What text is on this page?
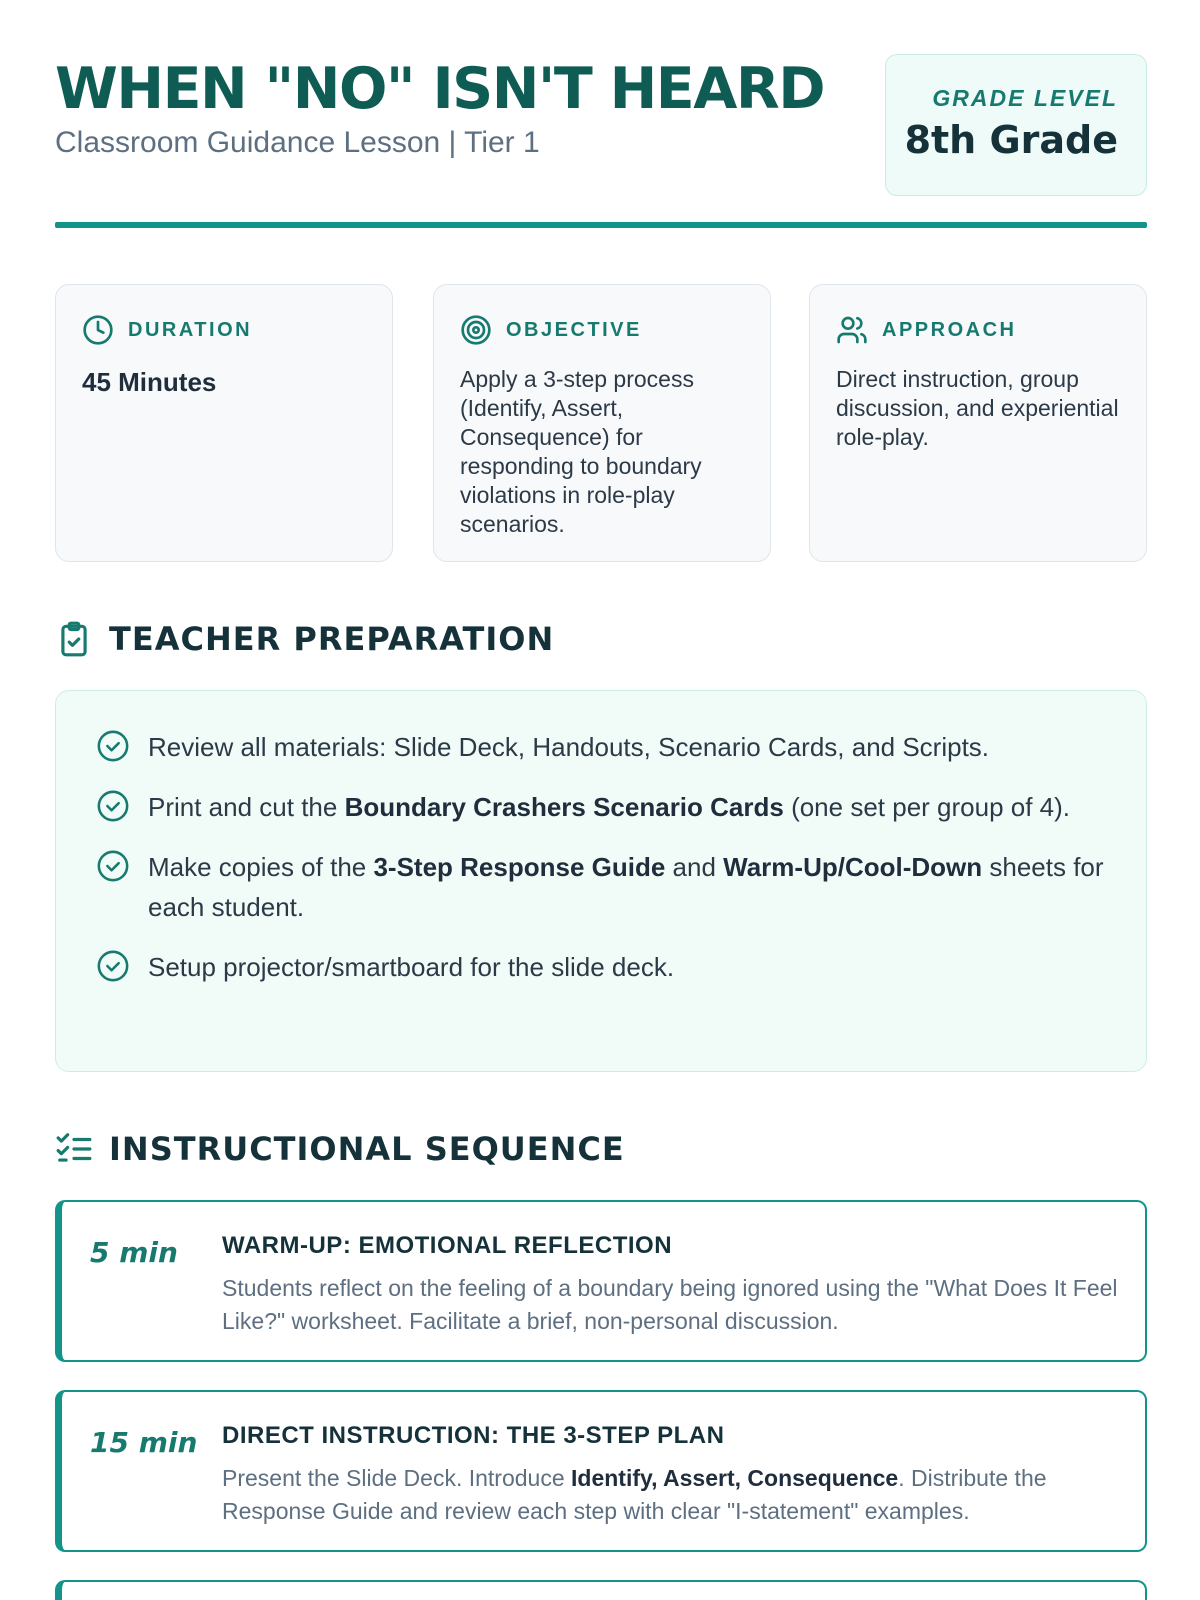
WHEN "NO" ISN'T HEARD
Classroom Guidance Lesson | Tier 1
GRADE LEVEL
8th Grade
DURATION
45 Minutes
OBJECTIVE
Apply a 3-step process (Identify, Assert, Consequence) for responding to boundary violations in role-play scenarios.
APPROACH
Direct instruction, group discussion, and experiential role-play.
TEACHER PREPARATION
Review all materials: Slide Deck, Handouts, Scenario Cards, and Scripts.
Print and cut the Boundary Crashers Scenario Cards (one set per group of 4).
Make copies of the 3-Step Response Guide and Warm-Up/Cool-Down sheets for each student.
Setup projector/smartboard for the slide deck.
INSTRUCTIONAL SEQUENCE
5 min WARM-UP: EMOTIONAL REFLECTION
Students reflect on the feeling of a boundary being ignored using the "What Does It Feel Like?" worksheet. Facilitate a brief, non-personal discussion.
15 min DIRECT INSTRUCTION: THE 3-STEP PLAN
Present the Slide Deck. Introduce Identify, Assert, Consequence. Distribute the Response Guide and review each step with clear "I-statement" examples.
